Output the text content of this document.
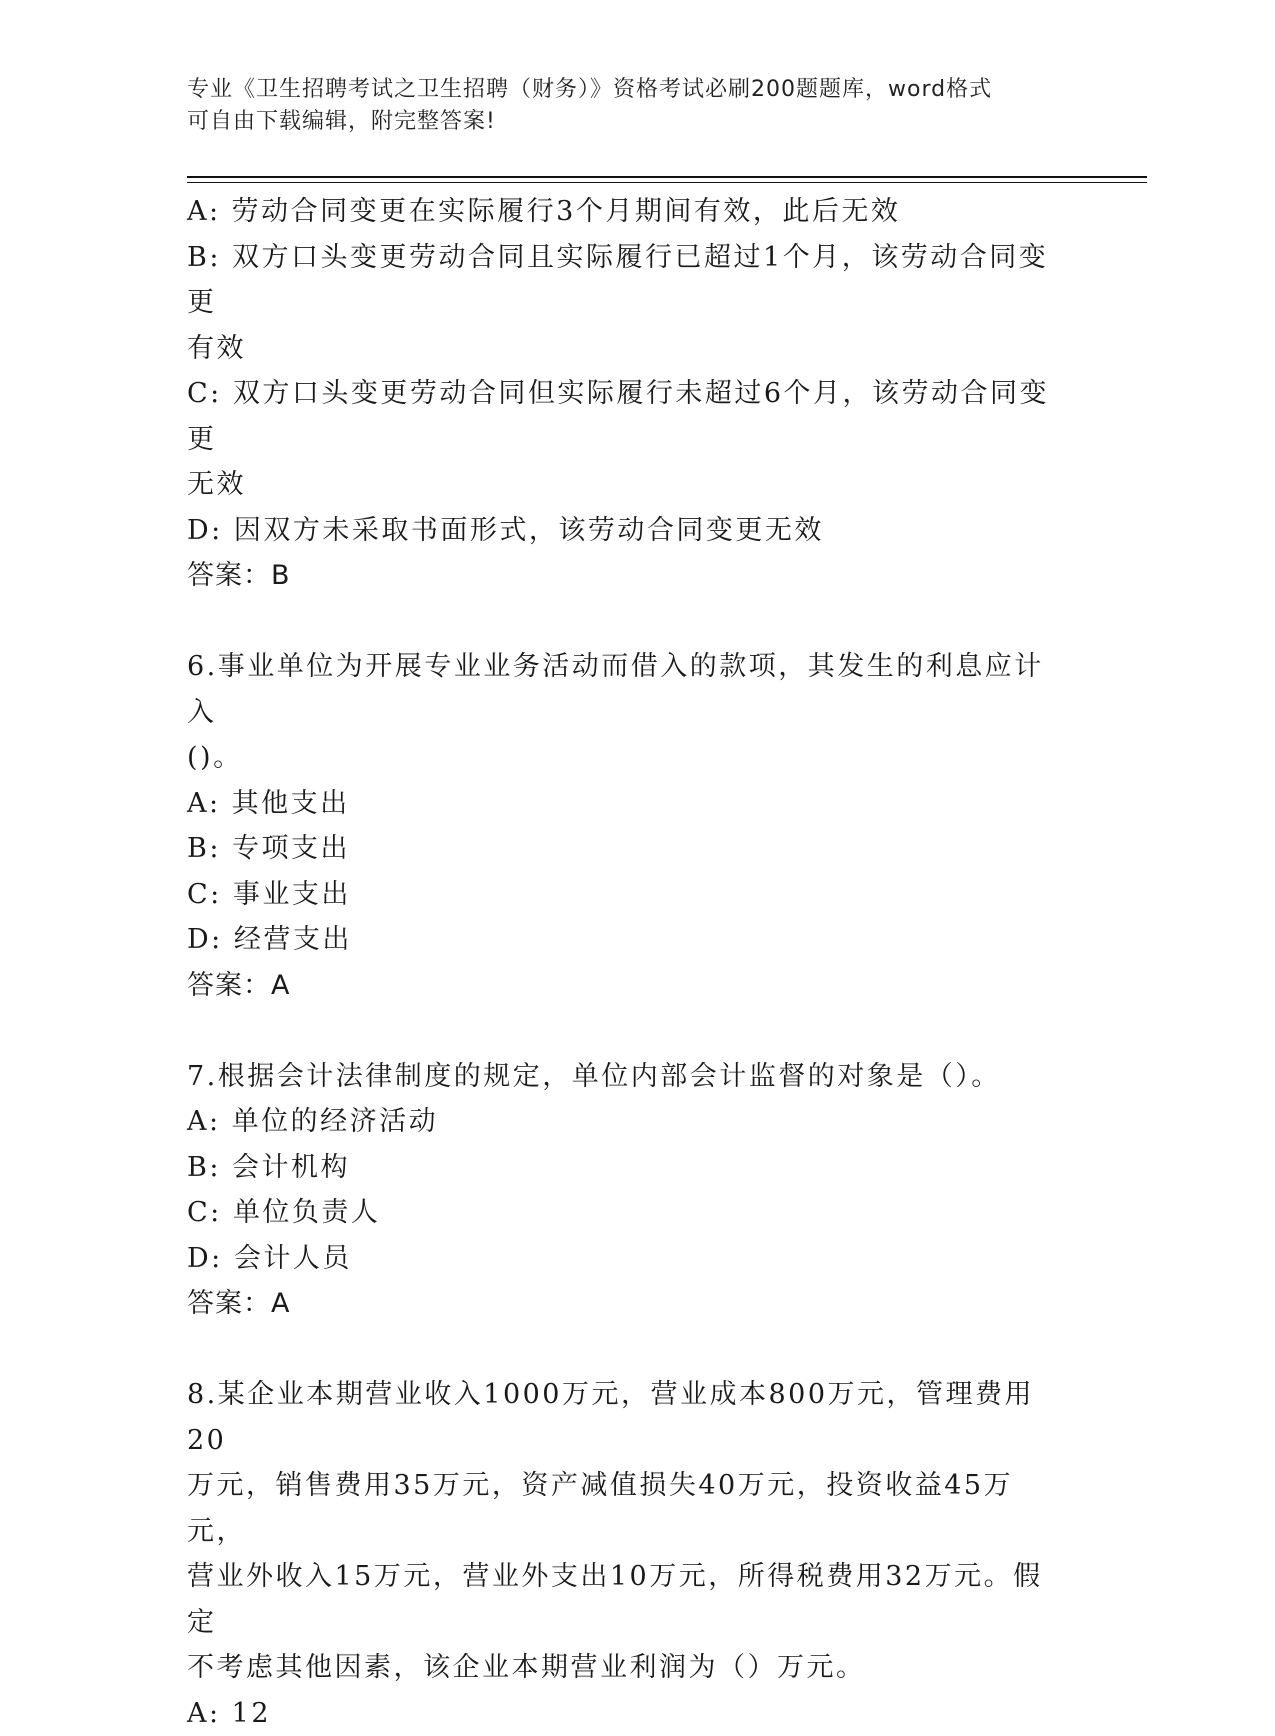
专业《卫生招聘考试之卫生招聘（财务）》资格考试必刷200题题库，word格式
可自由下载编辑，附完整答案!
A: 劳动合同变更在实际履行3个月期间有效，此后无效
B: 双方口头变更劳动合同且实际履行已超过1个月，该劳动合同变更
有效
C: 双方口头变更劳动合同但实际履行未超过6个月，该劳动合同变更
无效
D: 因双方未采取书面形式，该劳动合同变更无效
答案：B
6.事业单位为开展专业业务活动而借入的款项，其发生的利息应计入
()。
A: 其他支出
B: 专项支出
C: 事业支出
D: 经营支出
答案：A
7.根据会计法律制度的规定，单位内部会计监督的对象是（）。
A: 单位的经济活动
B: 会计机构
C: 单位负责人
D: 会计人员
答案：A
8.某企业本期营业收入1000万元，营业成本800万元，管理费用20
万元，销售费用35万元，资产减值损失40万元，投资收益45万元，
营业外收入15万元，营业外支出10万元，所得税费用32万元。假定
不考虑其他因素，该企业本期营业利润为（）万元。
A: 12
